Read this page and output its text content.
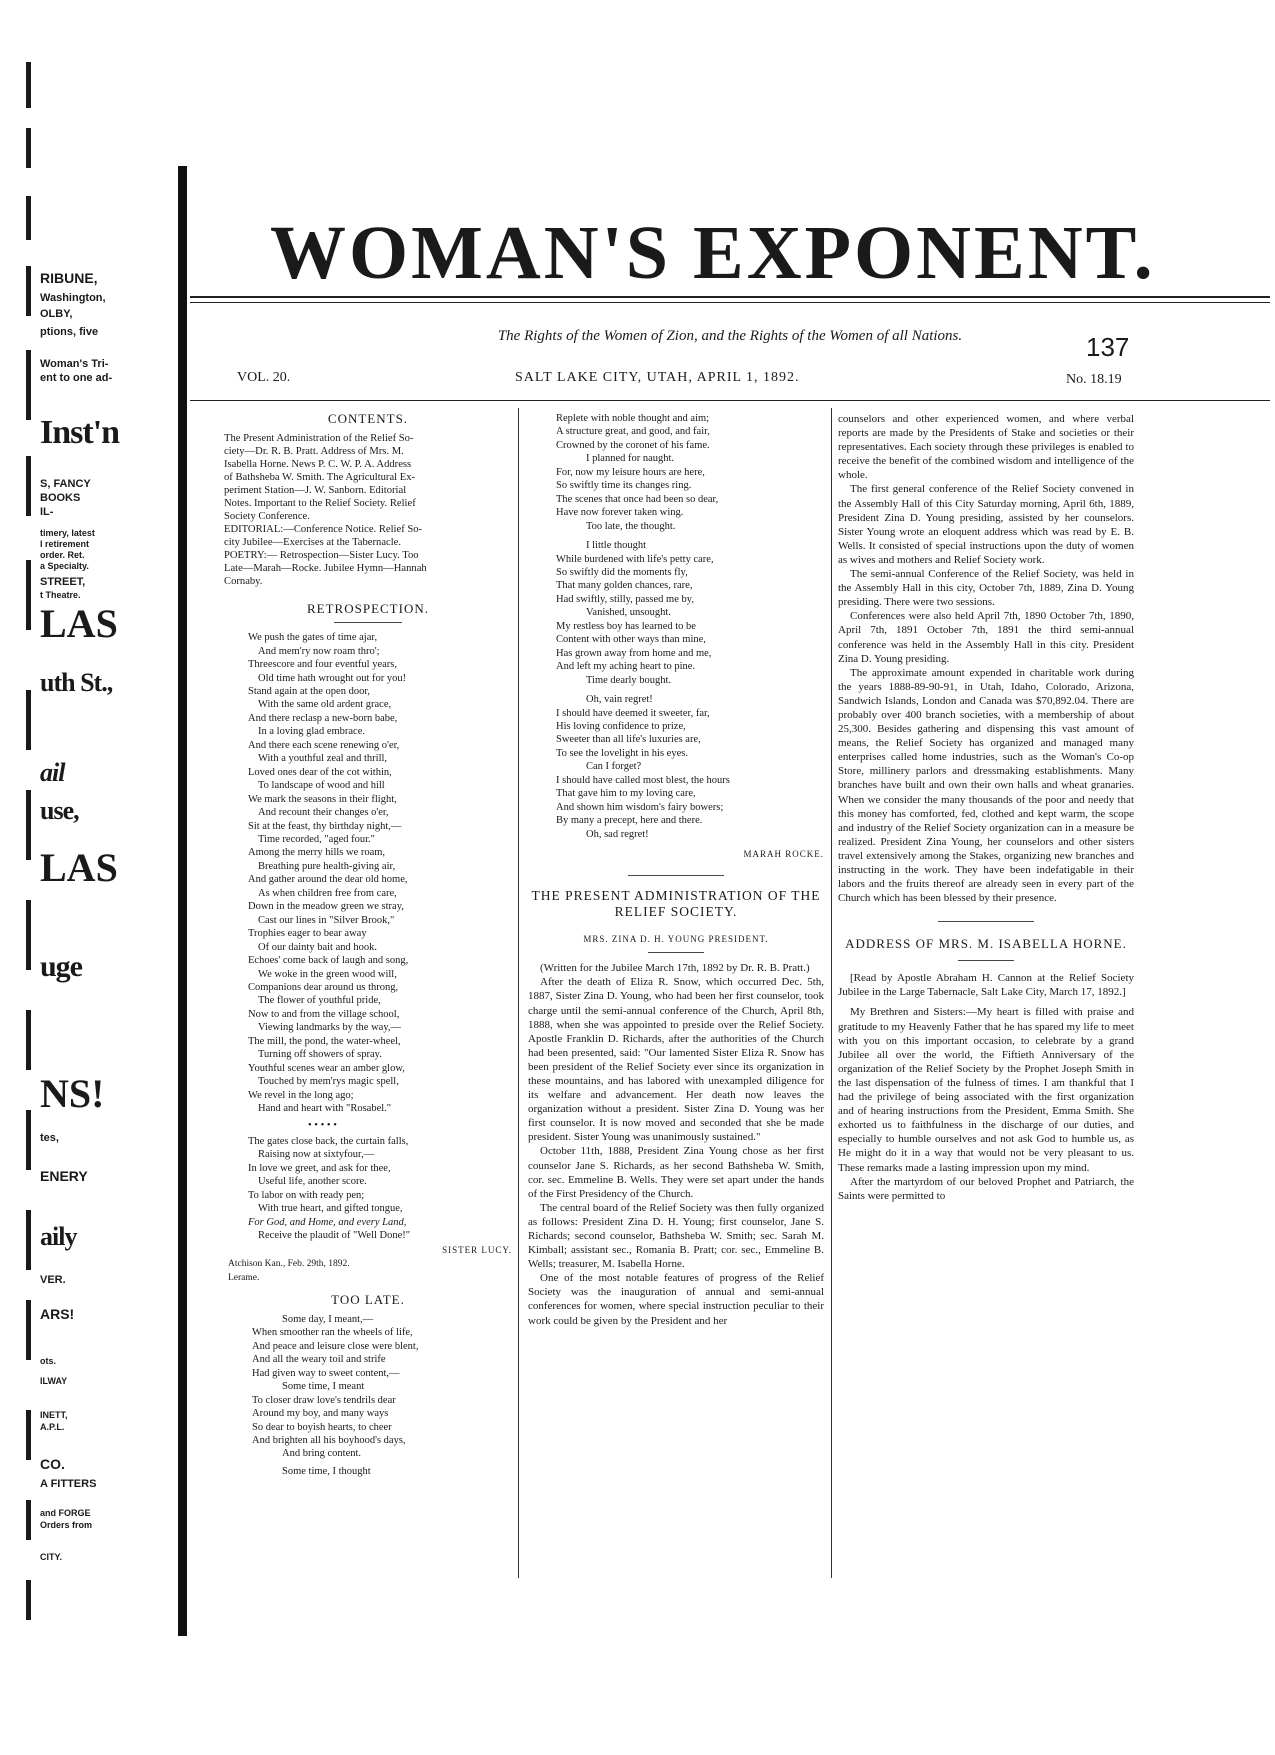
RIBUNE,
Washington,
OLBY,
ptions, five
Woman's Tri-
ent to one ad-
Inst'n
S, FANCY
BOOKS
IL-
timery, latest
l retirement
order. Ret.
a Specialty.
STREET,
t Theatre.
LAS
uth St.,
ail
use,
LAS
uge
NS!
tes,
ENERY
aily
VER.
ARS!
ots.
ILWAY
INETT,
A.P.L.
CO.
A FITTERS
and FORGE
Orders from
CITY.
WOMAN'S EXPONENT.
The Rights of the Women of Zion, and the Rights of the Women of all Nations.	137
VOL. 20.	SALT LAKE CITY, UTAH, APRIL 1, 1892.	No. 18.19
CONTENTS.
The Present Administration of the Relief So-
ciety—Dr. R. B. Pratt. Address of Mrs. M.
Isabella Horne. News P. C. W. P. A. Address
of Bathsheba W. Smith. The Agricultural Ex-
periment Station—J. W. Sanborn. Editorial
Notes. Important to the Relief Society. Relief
Society Conference.
EDITORIAL:—Conference Notice. Relief So-
city Jubilee—Exercises at the Tabernacle.
POETRY:— Retrospection—Sister Lucy. Too
Late—Marah—Rocke. Jubilee Hymn—Hannah
Cornaby.
RETROSPECTION.
We push the gates of time ajar,
And mem'ry now roam thro';
Threescore and four eventful years,
Old time hath wrought out for you!
Stand again at the open door,
With the same old ardent grace,
And there reclasp a new-born babe,
In a loving glad embrace.
And there each scene renewing o'er,
With a youthful zeal and thrill,
Loved ones dear of the cot within,
To landscape of wood and hill
We mark the seasons in their flight,
And recount their changes o'er,
Sit at the feast, thy birthday night,—
Time recorded, "aged four."
Among the merry hills we roam,
Breathing pure health-giving air,
And gather around the dear old home,
As when children free from care,
Down in the meadow green we stray,
Cast our lines in "Silver Brook,"
Trophies eager to bear away
Of our dainty bait and hook.
Echoes' come back of laugh and song,
We woke in the green wood will,
Companions dear around us throng,
The flower of youthful pride,
Now to and from the village school,
Viewing landmarks by the way,—
The mill, the pond, the water-wheel,
Turning off showers of spray.
Youthful scenes wear an amber glow,
Touched by mem'rys magic spell,
We revel in the long ago;
Hand and heart with "Rosabel."
• • • • •
The gates close back, the curtain falls,
Raising now at sixtyfour,—
In love we greet, and ask for thee,
Useful life, another score.
To labor on with ready pen;
With true heart, and gifted tongue,
For God, and Home, and every Land,
Receive the plaudit of "Well Done!"
SISTER LUCY.
Atchison Kan., Feb. 29th, 1892.
Lerame.
TOO LATE.
Some day, I meant,—
When smoother ran the wheels of life,
And peace and leisure close were blent,
And all the weary toil and strife
Had given way to sweet content,—
Some time, I meant
To closer draw love's tendrils dear
Around my boy, and many ways
So dear to boyish hearts, to cheer
And brighten all his boyhood's days,
And bring content.
Some time, I thought
Replete with noble thought and aim;
A structure great, and good, and fair,
Crowned by the coronet of his fame.
I planned for naught.
For, now my leisure hours are here,
So swiftly time its changes ring.
The scenes that once had been so dear,
Have now forever taken wing.
Too late, the thought.
I little thought
While burdened with life's petty care,
So swiftly did the moments fly,
That many golden chances, rare,
Had swiftly, stilly, passed me by,
Vanished, unsought.
My restless boy has learned to be
Content with other ways than mine,
Has grown away from home and me,
And left my aching heart to pine.
Time dearly bought.
Oh, vain regret!
I should have deemed it sweeter, far,
His loving confidence to prize,
Sweeter than all life's luxuries are,
To see the lovelight in his eyes.
Can I forget?
I should have called most blest, the hours
That gave him to my loving care,
And shown him wisdom's fairy bowers;
By many a precept, here and there.
Oh, sad regret!
MARAH ROCKE.
THE PRESENT ADMINISTRATION OF THE RELIEF SOCIETY.
MRS. ZINA D. H. YOUNG PRESIDENT.

(Written for the Jubilee March 17th, 1892 by Dr. R. B. Pratt.)

After the death of Eliza R. Snow, which occurred Dec. 5th, 1887, Sister Zina D. Young, who had been her first counselor, took charge until the semi-annual conference of the Church, April 8th, 1888, when she was appointed to preside over the Relief Society. Apostle Franklin D. Richards, after the authorities of the Church had been presented, said: "Our lamented Sister Eliza R. Snow has been president of the Relief Society ever since its organization in these mountains, and has labored with unexampled diligence for its welfare and advancement. Her death now leaves the organization without a president. Sister Zina D. Young was her first counselor. It is now moved and seconded that she be made president. Sister Young was unanimously sustained."

October 11th, 1888, President Zina Young chose as her first counselor Jane S. Richards, as her second Bathsheba W. Smith, cor. sec. Emmeline B. Wells. They were set apart under the hands of the First Presidency of the Church.

The central board of the Relief Society was then fully organized as follows: President Zina D. H. Young; first counselor, Jane S. Richards; second counselor, Bathsheba W. Smith; sec. Sarah M. Kimball; assistant sec., Romania B. Pratt; cor. sec., Emmeline B. Wells; treasurer, M. Isabella Horne.

One of the most notable features of progress of the Relief Society was the inauguration of annual and semi-annual conferences for women, where special instruction peculiar to their work could be given by the President and her

counselors and other experienced women, and where verbal reports are made by the Presidents of Stake and societies or their representatives. Each society through these privileges is enabled to receive the benefit of the combined wisdom and intelligence of the whole.

The first general conference of the Relief Society convened in the Assembly Hall of this City Saturday morning, April 6th, 1889, President Zina D. Young presiding, assisted by her counselors. Sister Young wrote an eloquent address which was read by E. B. Wells. It consisted of special instructions upon the duty of women as wives and mothers and Relief Society work.

The semi-annual Conference of the Relief Society, was held in the Assembly Hall in this city, October 7th, 1889, Zina D. Young presiding. There were two sessions.

Conferences were also held April 7th, 1890 October 7th, 1890, April 7th, 1891 October 7th, 1891 the third semi-annual conference was held in the Assembly Hall in this city. President Zina D. Young presiding.

The approximate amount expended in charitable work during the years 1888-89-90-91, in Utah, Idaho, Colorado, Arizona, Sandwich Islands, London and Canada was $70,892.04. There are probably over 400 branch societies, with a membership of about 25,300. Besides gathering and dispensing this vast amount of means, the Relief Society has organized and managed many enterprises called home industries, such as the Woman's Co-op Store, millinery parlors and dressmaking establishments. Many branches have built and own their own halls and wheat granaries. When we consider the many thousands of the poor and needy that this money has comforted, fed, clothed and kept warm, the scope and industry of the Relief Society organization can in a measure be realized. President Zina Young, her counselors and other sisters travel extensively among the Stakes, organizing new branches and instructing in the work. They have been indefatigable in their labors and the fruits thereof are already seen in every part of the Church which has been blessed by their presence.

ADDRESS OF MRS. M. ISABELLA HORNE.

[Read by Apostle Abraham H. Cannon at the Relief Society Jubilee in the Large Tabernacle, Salt Lake City, March 17, 1892.]

My Brethren and Sisters:—My heart is filled with praise and gratitude to my Heavenly Father that he has spared my life to meet with you on this important occasion, to celebrate by a grand Jubilee all over the world, the Fiftieth Anniversary of the organization of the Relief Society by the Prophet Joseph Smith in the last dispensation of the fulness of times. I am thankful that I had the privilege of being associated with the first organization and of hearing instructions from the President, Emma Smith. She exhorted us to faithfulness in the discharge of our duties, and especially to humble ourselves and not ask God to humble us, as He might do it in a way that would not be very pleasant to us. These remarks made a lasting impression upon my mind.

After the martyrdom of our beloved Prophet and Patriarch, the Saints were permitted to
